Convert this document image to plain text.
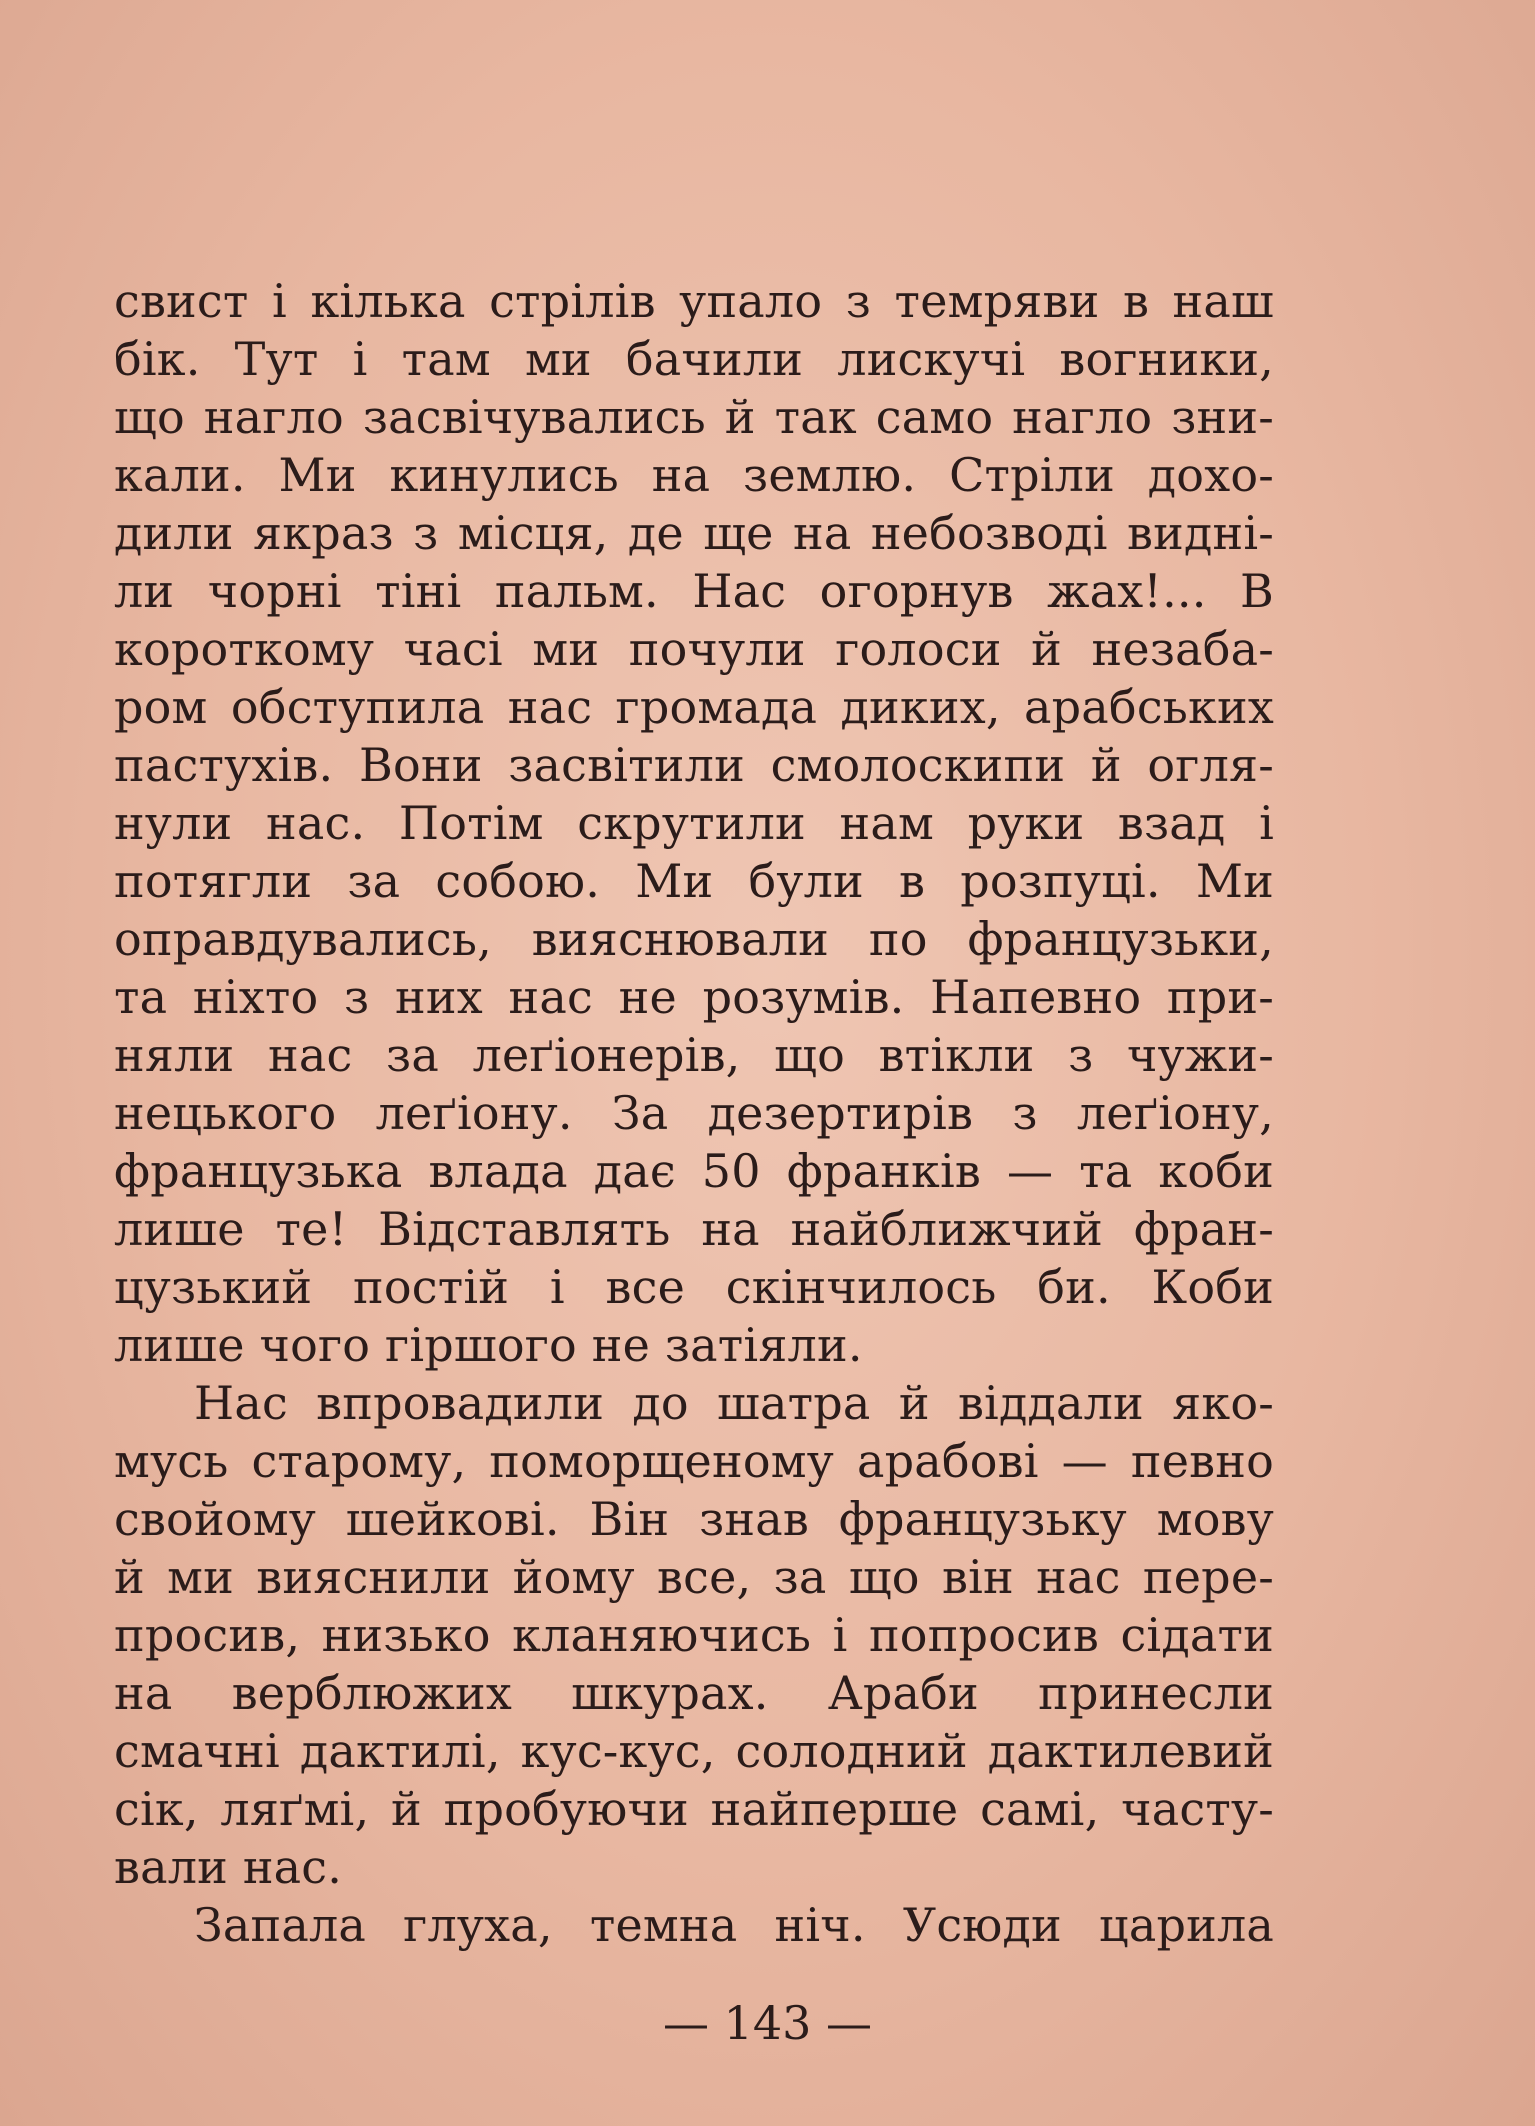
свист і кілька стрілів упало з темряви в наш
бік. Тут і там ми бачили лискучі вогники,
що нагло засвічувались й так само нагло зни-
кали. Ми кинулись на землю. Стріли дохо-
дили якраз з місця, де ще на небозводі виднi-
ли чорні тіні пальм. Нас огорнув жах!... В
короткому часі ми почули голоси й незаба-
ром обступила нас громада диких, арабських
пастухів. Вони засвітили смолоскипи й огля-
нули нас. Потім скрутили нам руки взад і
потягли за собою. Ми були в розпуці. Ми
оправдувались, вияснювали по французьки,
та ніхто з них нас не розумів. Напевно при-
няли нас за леґіонерів, що втікли з чужи-
нецького леґіону. За дезертирів з леґіону,
французька влада дає 50 франків — та коби
лише те! Відставлять на найближчий фран-
цузький постій і все скінчилось би. Коби
лише чого гіршого не затіяли.
Нас впровадили до шатра й віддали яко-
мусь старому, поморщеному арабові — певно
свойому шейкові. Він знав французьку мову
й ми вияснили йому все, за що він нас пере-
просив, низько кланяючись і попросив сідати
на верблюжих шкурах. Араби принесли
смачні дактилі, кус-кус, солодний дактилевий
сік, ляґмі, й пробуючи найперше самі, часту-
вали нас.
Запала глуха, темна ніч. Усюди царила
— 143 —
